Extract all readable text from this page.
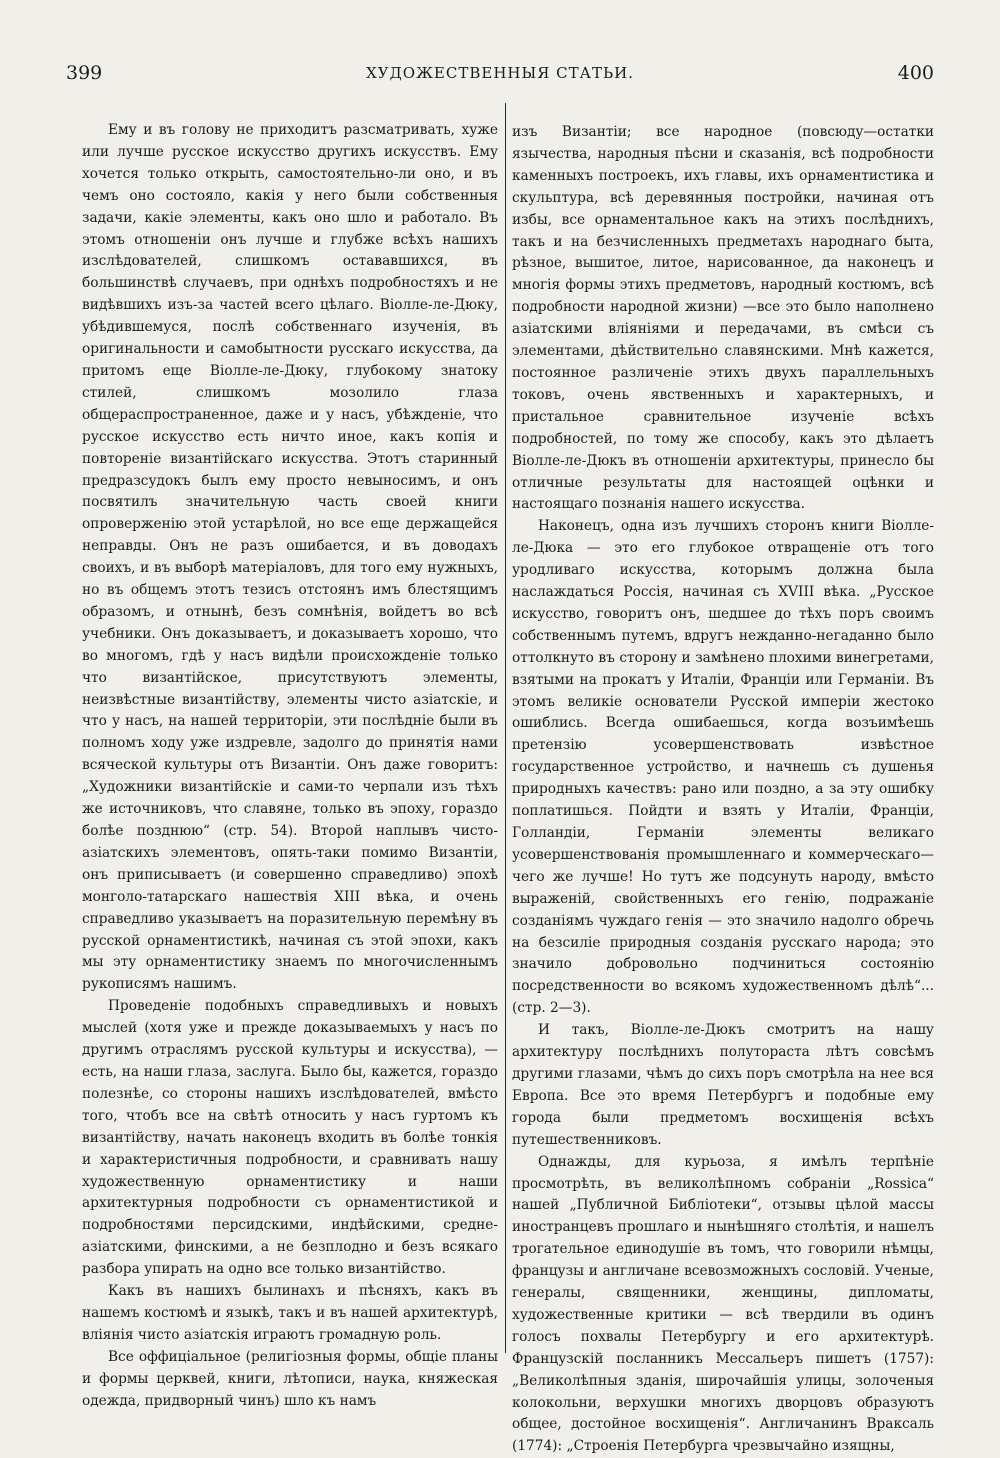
399	ХУДОЖЕСТВЕННЫЯ СТАТЬИ.	400

Ему и въ голову не приходитъ разсматривать, хуже или лучше русское искусство другихъ искусствъ. Ему хочется только открыть, самостоятельно-ли оно, и въ чемъ оно состояло, какія у него были собственныя задачи, какіе элементы, какъ оно шло и работало. Въ этомъ отношеніи онъ лучше и глубже всѣхъ нашихъ изслѣдователей, слишкомъ остававшихся, въ большинствѣ случаевъ, при однѣхъ подробностяхъ и не видѣвшихъ изъ-за частей всего цѣлаго. Віолле-ле-Дюку, убѣдившемуся, послѣ собственнаго изученія, въ оригинальности и самобытности русскаго искусства, да притомъ еще Віолле-ле-Дюку, глубокому знатоку стилей, слишкомъ мозолило глаза общераспространенное, даже и у насъ, убѣжденіе, что русское искусство есть ничто иное, какъ копія и повтореніе византійскаго искусства. Этотъ старинный предразсудокъ былъ ему просто невыносимъ, и онъ посвятилъ значительную часть своей книги опроверженію этой устарѣлой, но все еще держащейся неправды. Онъ не разъ ошибается, и въ доводахъ своихъ, и въ выборѣ матеріаловъ, для того ему нужныхъ, но въ общемъ этотъ тезисъ отстоянъ имъ блестящимъ образомъ, и отнынѣ, безъ сомнѣнія, войдетъ во всѣ учебники. Онъ доказываетъ, и доказываетъ хорошо, что во многомъ, гдѣ у насъ видѣли происхожденіе только что византійское, присутствуютъ элементы, неизвѣстные византійству, элементы чисто азіатскіе, и что у насъ, на нашей территоріи, эти послѣдніе были въ полномъ ходу уже издревле, задолго до принятія нами всяческой культуры отъ Византіи. Онъ даже говоритъ: „Художники византійскіе и сами-то черпали изъ тѣхъ же источниковъ, что славяне, только въ эпоху, гораздо болѣе позднюю“ (стр. 54). Второй наплывъ чисто-азіатскихъ элементовъ, опять-таки помимо Византіи, онъ приписываетъ (и совершенно справедливо) эпохѣ монголо-татарскаго нашествія XIII вѣка, и очень справедливо указываетъ на поразительную перемѣну въ русской орнаментистикѣ, начиная съ этой эпохи, какъ мы эту орнаментистику знаемъ по многочисленнымъ рукописямъ нашимъ.

Проведеніе подобныхъ справедливыхъ и новыхъ мыслей (хотя уже и прежде доказываемыхъ у насъ по другимъ отраслямъ русской культуры и искусства), —есть, на наши глаза, заслуга. Было бы, кажется, гораздо полезнѣе, со стороны нашихъ изслѣдователей, вмѣсто того, чтобъ все на свѣтѣ относить у насъ гуртомъ къ византійству, начать наконецъ входить въ болѣе тонкія и характеристичныя подробности, и сравнивать нашу художественную орнаментистику и наши архитектурныя подробности съ орнаментистикой и подробностями персидскими, индѣйскими, средне-азіатскими, финскими, а не безплодно и безъ всякаго разбора упирать на одно все только византійство.

Какъ въ нашихъ былинахъ и пѣсняхъ, какъ въ нашемъ костюмѣ и языкѣ, такъ и въ нашей архитектурѣ, вліянія чисто азіатскія играютъ громадную роль.

Все оффиціальное (религіозныя формы, общіе планы и формы церквей, книги, лѣтописи, наука, княжеская одежда, придворный чинъ) шло къ намъ

изъ Византіи; все народное (повсюду—остатки язычества, народныя пѣсни и сказанія, всѣ подробности каменныхъ построекъ, ихъ главы, ихъ орнаментистика и скульптура, всѣ деревянныя постройки, начиная отъ избы, все орнаментальное какъ на этихъ послѣднихъ, такъ и на безчисленныхъ предметахъ народнаго быта, рѣзное, вышитое, литое, нарисованное, да наконецъ и многія формы этихъ предметовъ, народный костюмъ, всѣ подробности народной жизни) —все это было наполнено азіатскими вліяніями и передачами, въ смѣси съ элементами, дѣйствительно славянскими. Мнѣ кажется, постоянное различеніе этихъ двухъ параллельныхъ токовъ, очень явственныхъ и характерныхъ, и пристальное сравнительное изученіе всѣхъ подробностей, по тому же способу, какъ это дѣлаетъ Віолле-ле-Дюкъ въ отношеніи архитектуры, принесло бы отличные результаты для настоящей оцѣнки и настоящаго познанія нашего искусства.

Наконецъ, одна изъ лучшихъ сторонъ книги Віолле-ле-Дюка — это его глубокое отвращеніе отъ того уродливаго искусства, которымъ должна была наслаждаться Россія, начиная съ XVIII вѣка. „Русское искусство, говоритъ онъ, шедшее до тѣхъ поръ своимъ собственнымъ путемъ, вдругъ нежданно-негаданно было оттолкнуто въ сторону и замѣнено плохими винегретами, взятыми на прокатъ у Италіи, Франціи или Германіи. Въ этомъ великіе основатели Русской имперіи жестоко ошиблись. Всегда ошибаешься, когда возъимѣешь претензію усовершенствовать извѣстное государственное устройство, и начнешь съ душенья природныхъ качествъ: рано или поздно, а за эту ошибку поплатишься. Пойдти и взять у Италіи, Франціи, Голландіи, Германіи элементы великаго усовершенствованія промышленнаго и коммерческаго—чего же лучше! Но тутъ же подсунуть народу, вмѣсто выраженій, свойственныхъ его генію, подражаніе созданіямъ чуждаго генія — это значило надолго обречь на безсиліе природныя созданія русскаго народа; это значило добровольно подчиниться состоянію посредственности во всякомъ художественномъ дѣлѣ“... (стр. 2—3).

И такъ, Віолле-ле-Дюкъ смотритъ на нашу архитектуру послѣднихъ полутораста лѣтъ совсѣмъ другими глазами, чѣмъ до сихъ поръ смотрѣла на нее вся Европа. Все это время Петербургъ и подобные ему города были предметомъ восхищенія всѣхъ путешественниковъ.

Однажды, для курьоза, я имѣлъ терпѣніе просмотрѣть, въ великолѣпномъ собраніи „Rossica“ нашей „Публичной Библіотеки“, отзывы цѣлой массы иностранцевъ прошлаго и нынѣшняго столѣтія, и нашелъ трогательное единодушіе въ томъ, что говорили нѣмцы, французы и англичане всевозможныхъ сословій. Ученые, генералы, священники, женщины, дипломаты, художественные критики — всѣ твердили въ одинъ голосъ похвалы Петербургу и его архитектурѣ. Французскій посланникъ Мессальеръ пишетъ (1757): „Великолѣпныя зданія, широчайшія улицы, золоченыя колокольни, верхушки многихъ дворцовъ образуютъ общее, достойное восхищенія“. Англичанинъ Враксаль (1774): „Строенія Петербурга чрезвычайно изящны,
